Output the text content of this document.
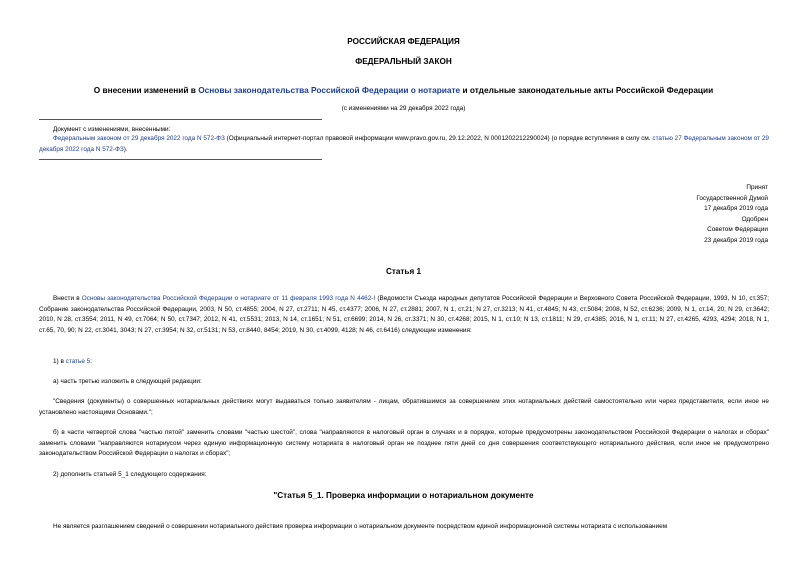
РОССИЙСКАЯ ФЕДЕРАЦИЯ
ФЕДЕРАЛЬНЫЙ ЗАКОН
О внесении изменений в Основы законодательства Российской Федерации о нотариате и отдельные законодательные акты Российской Федерации
(с изменениями на 29 декабря 2022 года)
Документ с изменениями, внесенными:
Федеральным законом от 29 декабря 2022 года N 572-ФЗ (Официальный интернет-портал правовой информации www.pravo.gov.ru, 29.12.2022, N 0001202212290024) (о порядке вступления в силу см. статью 27 Федеральным законом от 29 декабря 2022 года N 572-ФЗ).
Принят
Государственной Думой
17 декабря 2019 года
Одобрен
Советом Федерации
23 декабря 2019 года
Статья 1
Внести в Основы законодательства Российской Федерации о нотариате от 11 февраля 1993 года N 4462-I (Ведомости Съезда народных депутатов Российской Федерации и Верховного Совета Российской Федерации, 1993, N 10, ст.357; Собрание законодательства Российской Федерации, 2003, N 50, ст.4855; 2004, N 27, ст.2711; N 45, ст.4377; 2006, N 27, ст.2881; 2007, N 1, ст.21; N 27, ст.3213; N 41, ст.4845; N 43, ст.5084; 2008, N 52, ст.6236; 2009, N 1, ст.14, 20; N 29, ст.3642; 2010, N 28, ст.3554; 2011, N 49, ст.7064; N 50, ст.7347; 2012, N 41, ст.5531; 2013, N 14, ст.1651; N 51, ст.6699; 2014, N 26, ст.3371; N 30, ст.4268; 2015, N 1, ст.10; N 13, ст.1811; N 29, ст.4385; 2016, N 1, ст.11; N 27, ст.4265, 4293, 4294; 2018, N 1, ст.65, 70, 90; N 22, ст.3041, 3043; N 27, ст.3954; N 32, ст.5131; N 53, ст.8440, 8454; 2019, N 30, ст.4099, 4128; N 46, ст.6416) следующие изменения:
1) в статье 5:
а) часть третью изложить в следующей редакции:
"Сведения (документы) о совершенных нотариальных действиях могут выдаваться только заявителям - лицам, обратившимся за совершением этих нотариальных действий самостоятельно или через представителя, если иное не установлено настоящими Основами.";
б) в части четвертой слова "частью пятой" заменить словами "частью шестой", слова "направляются в налоговый орган в случаях и в порядке, которые предусмотрены законодательством Российской Федерации о налогах и сборах" заменить словами "направляются нотариусом через единую информационную систему нотариата в налоговый орган не позднее пяти дней со дня совершения соответствующего нотариального действия, если иное не предусмотрено законодательством Российской Федерации о налогах и сборах";
2) дополнить статьей 5_1 следующего содержания:
"Статья 5_1. Проверка информации о нотариальном документе
Не является разглашением сведений о совершении нотариального действия проверка информации о нотариальном документе посредством единой информационной системы нотариата с использованием
